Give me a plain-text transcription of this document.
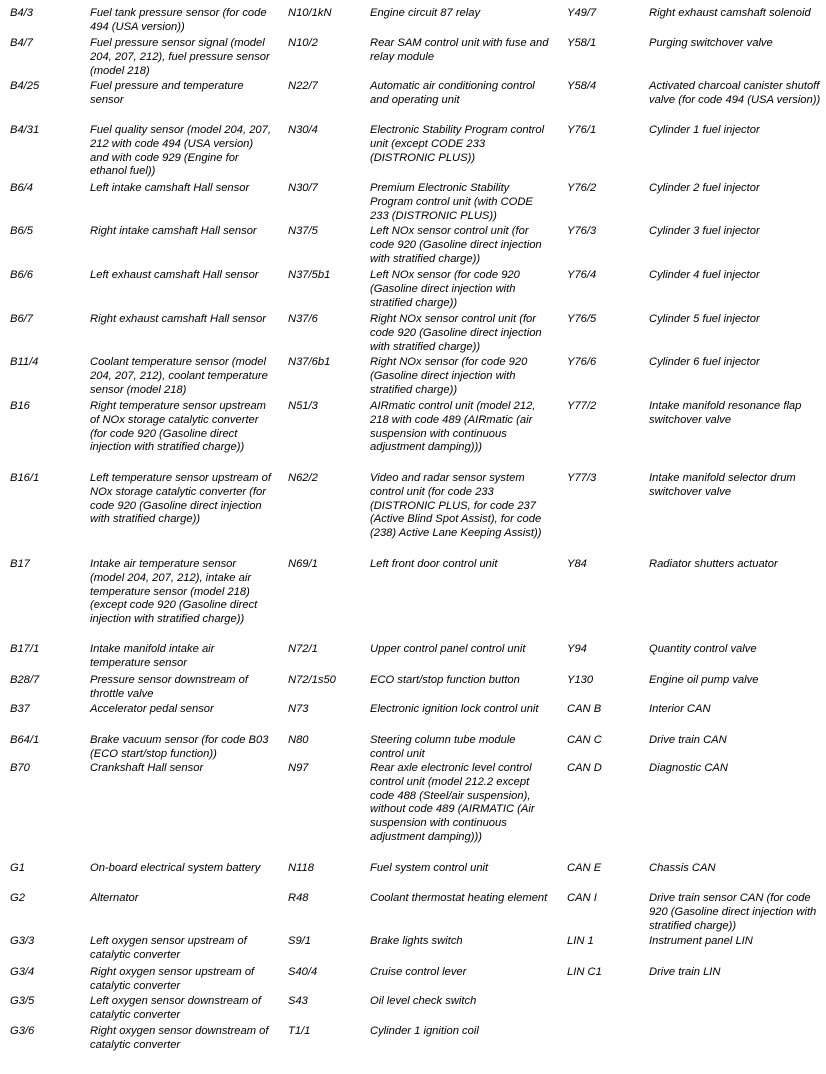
B4/3	Fuel tank pressure sensor (for code 494 (USA version))
B4/7	Fuel pressure sensor signal (model 204, 207, 212), fuel pressure sensor (model 218)
B4/25	Fuel pressure and temperature sensor
B4/31	Fuel quality sensor (model 204, 207, 212 with code 494 (USA version) and with code 929 (Engine for ethanol fuel))
B6/4	Left intake camshaft Hall sensor
B6/5	Right intake camshaft Hall sensor
B6/6	Left exhaust camshaft Hall sensor
B6/7	Right exhaust camshaft Hall sensor
B11/4	Coolant temperature sensor (model 204, 207, 212), coolant temperature sensor (model 218)
B16	Right temperature sensor upstream of NOx storage catalytic converter (for code 920 (Gasoline direct injection with stratified charge))
B16/1	Left temperature sensor upstream of NOx storage catalytic converter (for code 920 (Gasoline direct injection with stratified charge))
B17	Intake air temperature sensor (model 204, 207, 212), intake air temperature sensor (model 218) (except code 920 (Gasoline direct injection with stratified charge))
B17/1	Intake manifold intake air temperature sensor
B28/7	Pressure sensor downstream of throttle valve
B37	Accelerator pedal sensor
B64/1	Brake vacuum sensor (for code B03 (ECO start/stop function))
B70	Crankshaft Hall sensor
G1	On-board electrical system battery
G2	Alternator
G3/3	Left oxygen sensor upstream of catalytic converter
G3/4	Right oxygen sensor upstream of catalytic converter
G3/5	Left oxygen sensor downstream of catalytic converter
G3/6	Right oxygen sensor downstream of catalytic converter
N10/1kN	Engine circuit 87 relay
N10/2	Rear SAM control unit with fuse and relay module
N22/7	Automatic air conditioning control and operating unit
N30/4	Electronic Stability Program control unit (except CODE 233 (DISTRONIC PLUS))
N30/7	Premium Electronic Stability Program control unit (with CODE 233 (DISTRONIC PLUS))
N37/5	Left NOx sensor control unit (for code 920 (Gasoline direct injection with stratified charge))
N37/5b1	Left NOx sensor (for code 920 (Gasoline direct injection with stratified charge))
N37/6	Right NOx sensor control unit (for code 920 (Gasoline direct injection with stratified charge))
N37/6b1	Right NOx sensor (for code 920 (Gasoline direct injection with stratified charge))
N51/3	AIRmatic control unit (model 212, 218 with code 489 (AIRmatic (air suspension with continuous adjustment damping)))
N62/2	Video and radar sensor system control unit (for code 233 (DISTRONIC PLUS, for code 237 (Active Blind Spot Assist), for code (238) Active Lane Keeping Assist))
N69/1	Left front door control unit
N72/1	Upper control panel control unit
N72/1s50	ECO start/stop function button
N73	Electronic ignition lock control unit
N80	Steering column tube module control unit
N97	Rear axle electronic level control control unit (model 212.2 except code 488 (Steel/air suspension), without code 489 (AIRMATIC (Air suspension with continuous adjustment damping)))
N118	Fuel system control unit
R48	Coolant thermostat heating element
S9/1	Brake lights switch
S40/4	Cruise control lever
S43	Oil level check switch
T1/1	Cylinder 1 ignition coil
Y49/7	Right exhaust camshaft solenoid
Y58/1	Purging switchover valve
Y58/4	Activated charcoal canister shutoff valve (for code 494 (USA version))
Y76/1	Cylinder 1 fuel injector
Y76/2	Cylinder 2 fuel injector
Y76/3	Cylinder 3 fuel injector
Y76/4	Cylinder 4 fuel injector
Y76/5	Cylinder 5 fuel injector
Y76/6	Cylinder 6 fuel injector
Y77/2	Intake manifold resonance flap switchover valve
Y77/3	Intake manifold selector drum switchover valve
Y84	Radiator shutters actuator
Y94	Quantity control valve
Y130	Engine oil pump valve
CAN B	Interior CAN
CAN C	Drive train CAN
CAN D	Diagnostic CAN
CAN E	Chassis CAN
CAN I	Drive train sensor CAN (for code 920 (Gasoline direct injection with stratified charge))
LIN 1	Instrument panel LIN
LIN C1	Drive train LIN
